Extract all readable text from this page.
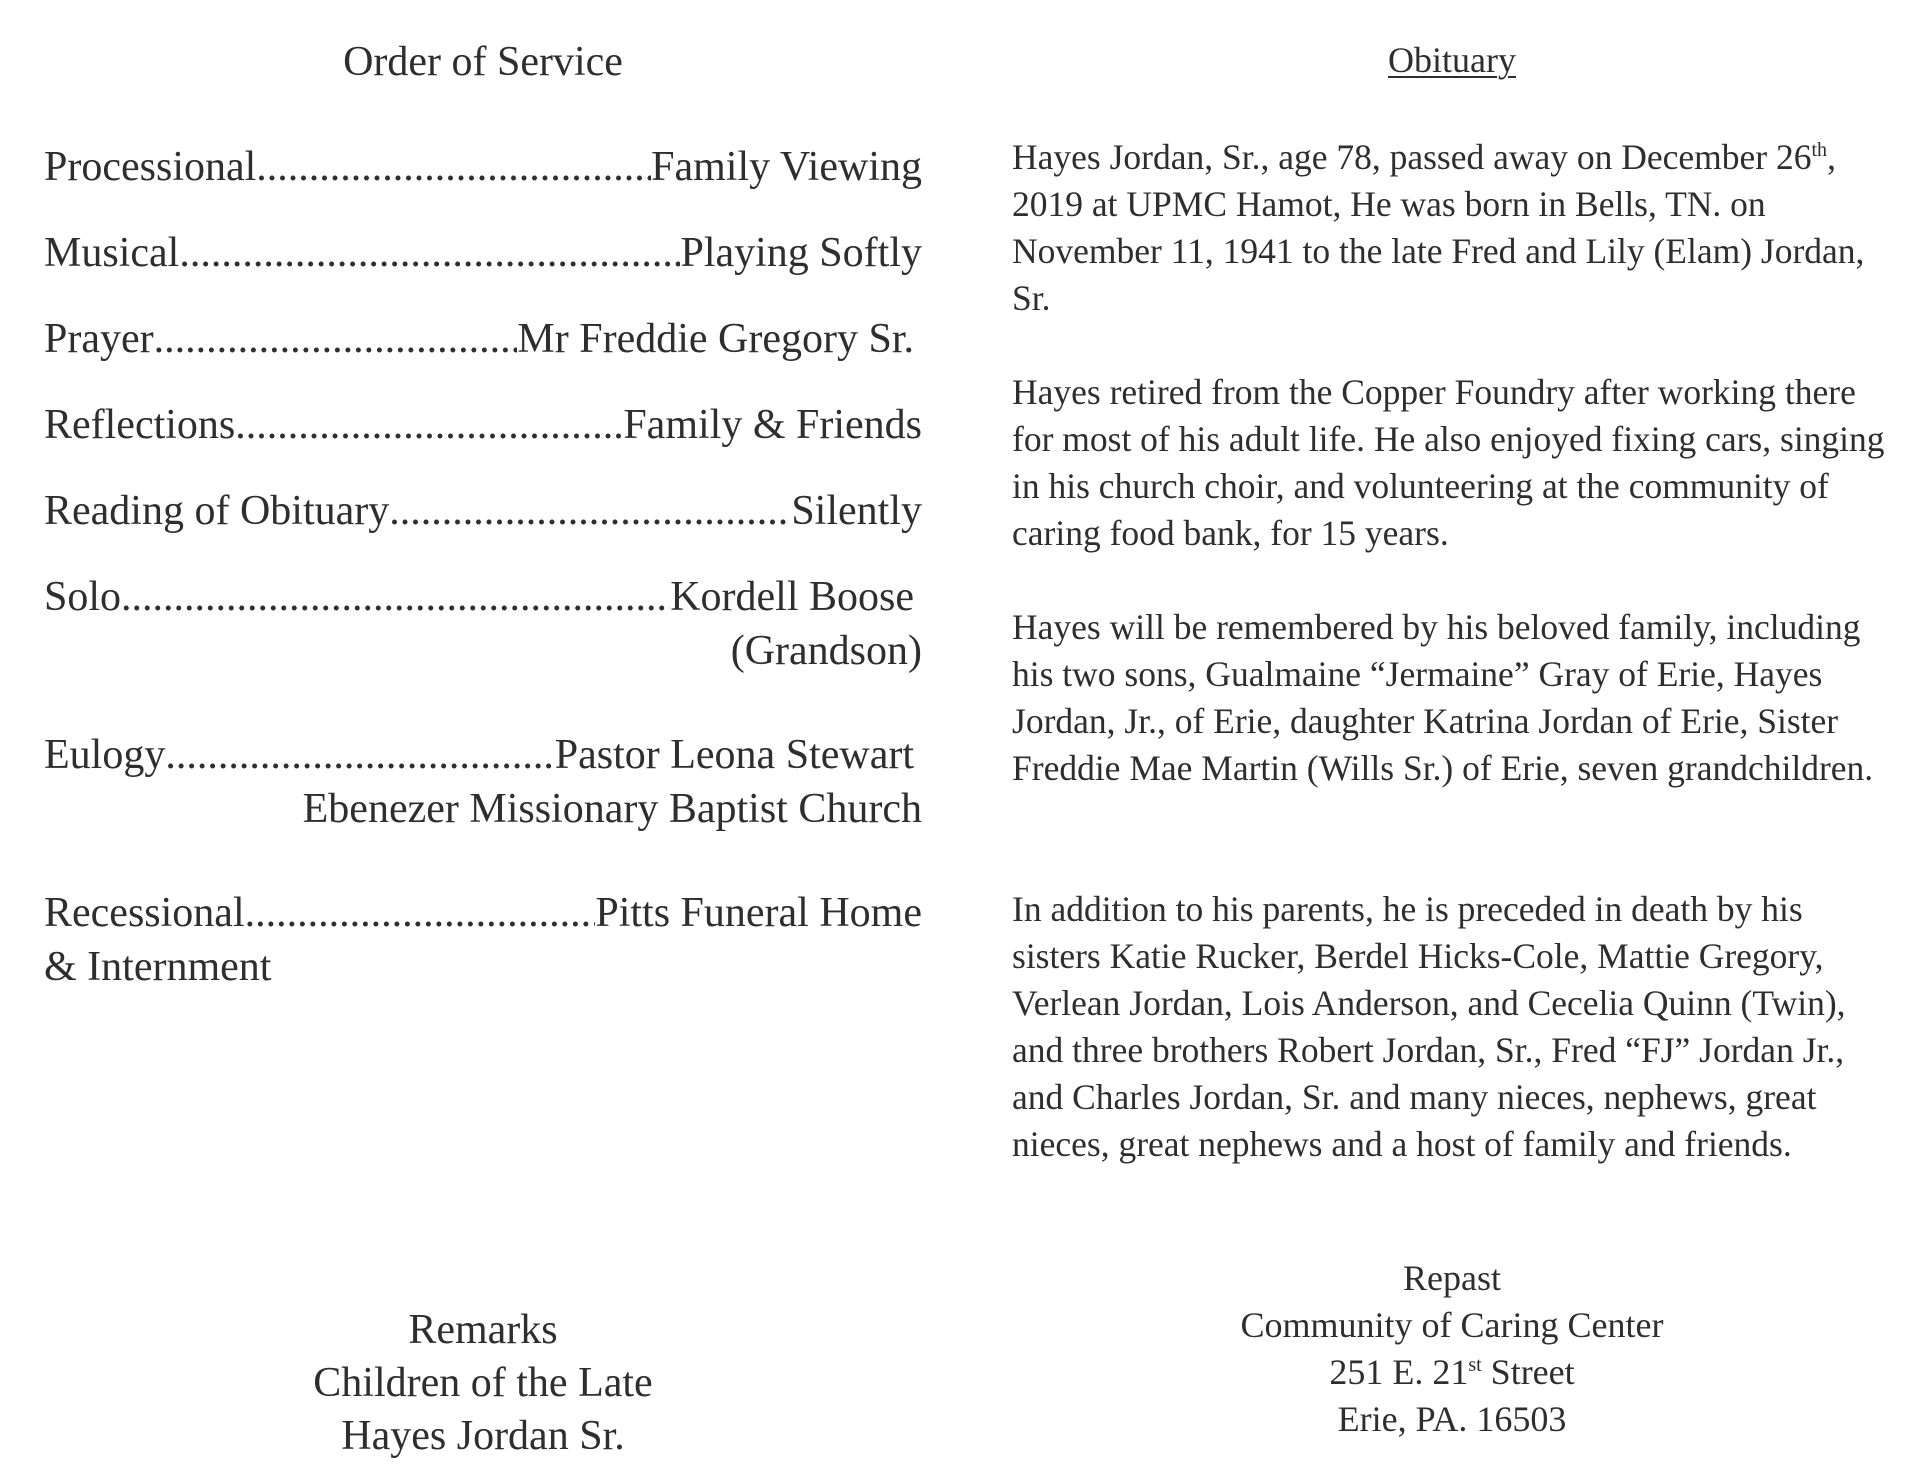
Order of Service
Processional .....	Family Viewing
Musical .....	Playing Softly
Prayer .....	Mr Freddie Gregory Sr.
Reflections .....	Family & Friends
Reading of Obituary .....	Silently
Solo .....	Kordell Boose
(Grandson)
Eulogy .....	Pastor Leona Stewart
Ebenezer Missionary Baptist Church
Recessional .....	Pitts Funeral Home
& Internment
Remarks
Children of the Late
Hayes Jordan Sr.
Obituary

Hayes Jordan, Sr., age 78, passed away on December 26th, 2019 at UPMC Hamot, He was born in Bells, TN. on November 11, 1941 to the late Fred and Lily (Elam) Jordan, Sr.

Hayes retired from the Copper Foundry after working there for most of his adult life. He also enjoyed fixing cars, singing in his church choir, and volunteering at the community of caring food bank, for 15 years.

Hayes will be remembered by his beloved family, including his two sons, Gualmaine “Jermaine” Gray of Erie, Hayes Jordan, Jr., of Erie, daughter Katrina Jordan of Erie, Sister Freddie Mae Martin (Wills Sr.) of Erie, seven grandchildren.

In addition to his parents, he is preceded in death by his sisters Katie Rucker, Berdel Hicks-Cole, Mattie Gregory, Verlean Jordan, Lois Anderson, and Cecelia Quinn (Twin), and three brothers Robert Jordan, Sr., Fred “FJ” Jordan Jr., and Charles Jordan, Sr. and many nieces, nephews, great nieces, great nephews and a host of family and friends.

Repast
Community of Caring Center
251 E. 21st Street
Erie, PA. 16503
